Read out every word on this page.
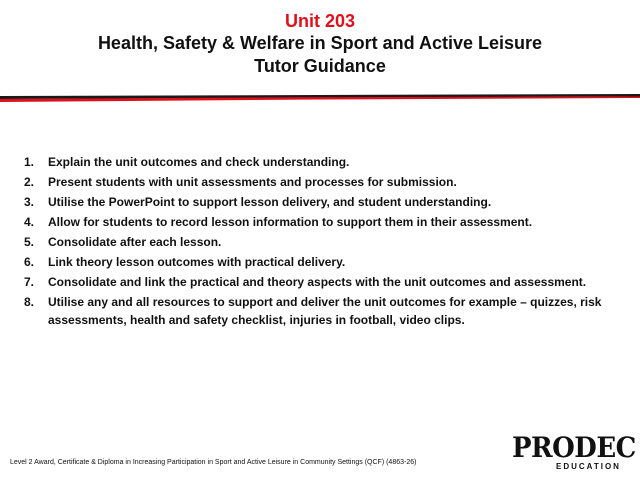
Unit 203
Health, Safety & Welfare in Sport and Active Leisure
Tutor Guidance
1.	Explain the unit outcomes and check understanding.
2.	Present students with unit assessments and processes for submission.
3.	Utilise the PowerPoint to support lesson delivery, and student understanding.
4.	Allow for students to record lesson information to support them in their assessment.
5.	Consolidate after each lesson.
6.	Link theory lesson outcomes with practical delivery.
7.	Consolidate and link the practical and theory aspects with the unit outcomes and assessment.
8.	Utilise any and all resources to support and deliver the unit outcomes for example – quizzes, risk assessments, health and safety checklist, injuries in football, video clips.
Level 2 Award, Certificate & Diploma in Increasing Participation in Sport and Active Leisure in Community Settings (QCF) (4863-26)	PRODEC
EDUCATION
